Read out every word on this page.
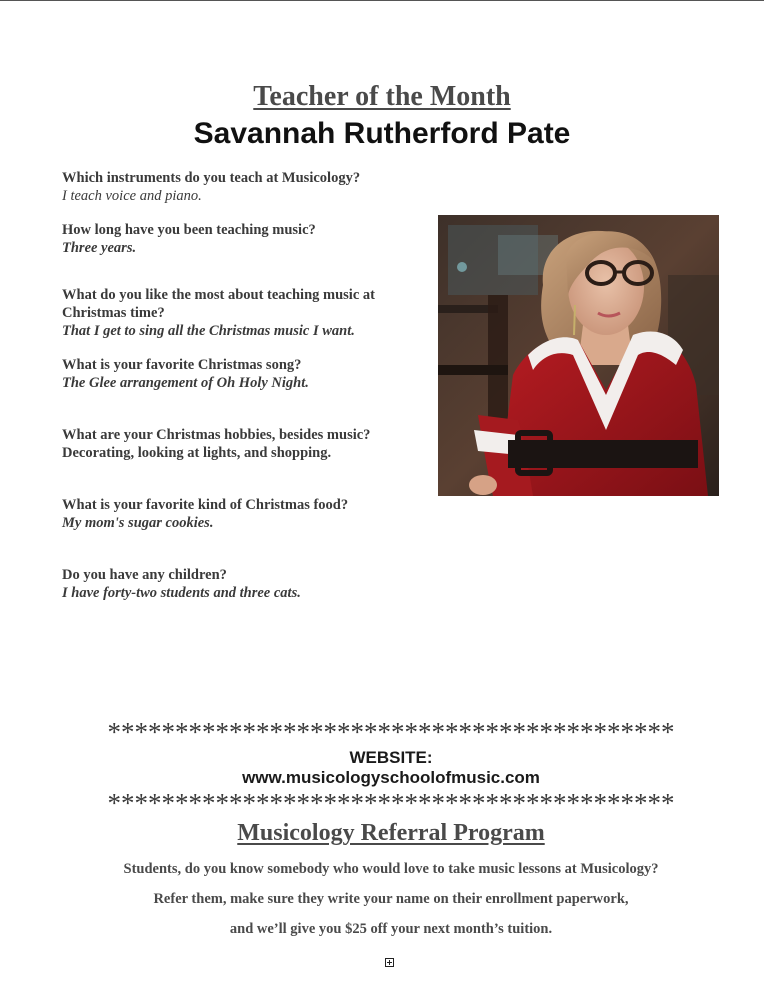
Teacher of the Month
Savannah Rutherford Pate
Which instruments do you teach at Musicology?
I teach voice and piano.
How long have you been teaching music?
Three years.
What do you like the most about teaching music at Christmas time?
That I get to sing all the Christmas music I want.
What is your favorite Christmas song?
The Glee arrangement of Oh Holy Night.
What are your Christmas hobbies, besides music?
Decorating, looking at lights, and shopping.
What is your favorite kind of Christmas food?
My mom's sugar cookies.
Do you have any children?
I have forty-two students and three cats.
******************************************
WEBSITE:
www.musicologyschoolofmusic.com
******************************************
Musicology Referral Program
Students, do you know somebody who would love to take music lessons at Musicology?
Refer them, make sure they write your name on their enrollment paperwork,
and we’ll give you $25 off your next month’s tuition.
